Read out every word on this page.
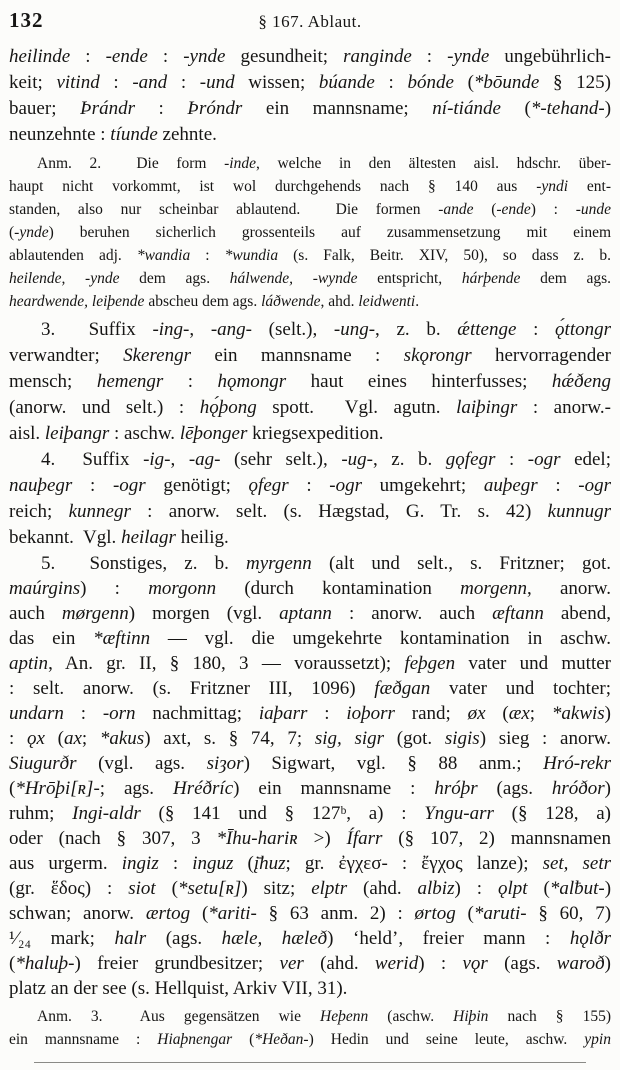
132	§ 167. Ablaut.
heilinde : -ende : -ynde gesundheit; ranginde : -ynde ungebührlich-
keit; vitind : -and : -und wissen; búande : bónde (*bōunde § 125)
bauer; Þrándr : Þróndr ein mannsname; ní-tiánde (*-tehand-)
neunzehnte : tíunde zehnte.
Anm. 2.  Die form -inde, welche in den ältesten aisl. hdschr. über-
haupt nicht vorkommt, ist wol durchgehends nach § 140 aus -yndi ent-
standen, also nur scheinbar ablautend.  Die formen -ande (-ende) : -unde
(-ynde) beruhen sicherlich grossenteils auf zusammensetzung mit einem
ablautenden adj. *wandia : *wundia (s. Falk, Beitr. XIV, 50), so dass z. b.
heilende, -ynde dem ags. hálwende, -wynde entspricht, hárþende dem ags.
heardwende, leiþende abscheu dem ags. láðwende, ahd. leidwenti.
3.  Suffix -ing-, -ang- (selt.), -ung-, z. b. ǽttenge : ǫ́ttongr
verwandter; Skerengr ein mannsname : skǫrongr hervorragender
mensch; hemengr : hǫmongr haut eines hinterfusses; hǽðeng
(anorw. und selt.) : hǫ́þong spott.  Vgl. agutn. laiþingr : anorw.-
aisl. leiþangr : aschw. lēþonger kriegsexpedition.
4.  Suffix -ig-, -ag- (sehr selt.), -ug-, z. b. gǫfegr : -ogr edel;
nauþegr : -ogr genötigt; ǫfegr : -ogr umgekehrt; auþegr : -ogr
reich; kunnegr : anorw. selt. (s. Hægstad, G. Tr. s. 42) kunnugr
bekannt.  Vgl. heilagr heilig.
5.  Sonstiges, z. b. myrgenn (alt und selt., s. Fritzner; got.
maúrgins) : morgonn (durch kontamination morgenn, anorw.
auch mørgenn) morgen (vgl. aptann : anorw. auch æftann abend,
das ein *æftinn — vgl. die umgekehrte kontamination in aschw.
aptin, An. gr. II, § 180, 3 — voraussetzt); feþgen vater und mutter
: selt. anorw. (s. Fritzner III, 1096) fæðgan vater und tochter;
undarn : -orn nachmittag; iaþarr : ioþorr rand; øx (æx; *akwis)
: ǫx (ax; *akus) axt, s. § 74, 7; sig, sigr (got. sigis) sieg : anorw.
Siugurðr (vgl. ags. siȝor) Sigwart, vgl. § 88 anm.; Hró-rekr
(*Hrōþi[ʀ]-; ags. Hréðríc) ein mannsname : hróþr (ags. hróðor)
ruhm; Ingi-aldr (§ 141 und § 127ᵇ, a) : Yngu-arr (§ 128, a)
oder (nach § 307, 3 *Īhu-hariʀ >) Ífarr (§ 107, 2) mannsnamen
aus urgerm. ingiz : inguz (į̄huz; gr. ἐγχεσ- : ἔγχος lanze); set, setr
(gr. ἕδος) : siot (*setu[ʀ]) sitz; elptr (ahd. albiz) : ǫlpt (*alƀut-)
schwan; anorw. ærtog (*ariti- § 63 anm. 2) : ørtog (*aruti- § 60, 7)
¹⁄₂₄ mark; halr (ags. hæle, hæleð) ‘held’, freier mann : hǫlðr
(*haluþ-) freier grundbesitzer; ver (ahd. werid) : vǫr (ags. waroð)
platz an der see (s. Hellquist, Arkiv VII, 31).
Anm. 3.  Aus gegensätzen wie Heþenn (aschw. Hiþin nach § 155)
ein mannsname : Hiaþnengar (*Heðan-) Hedin und seine leute, aschw. ypin
